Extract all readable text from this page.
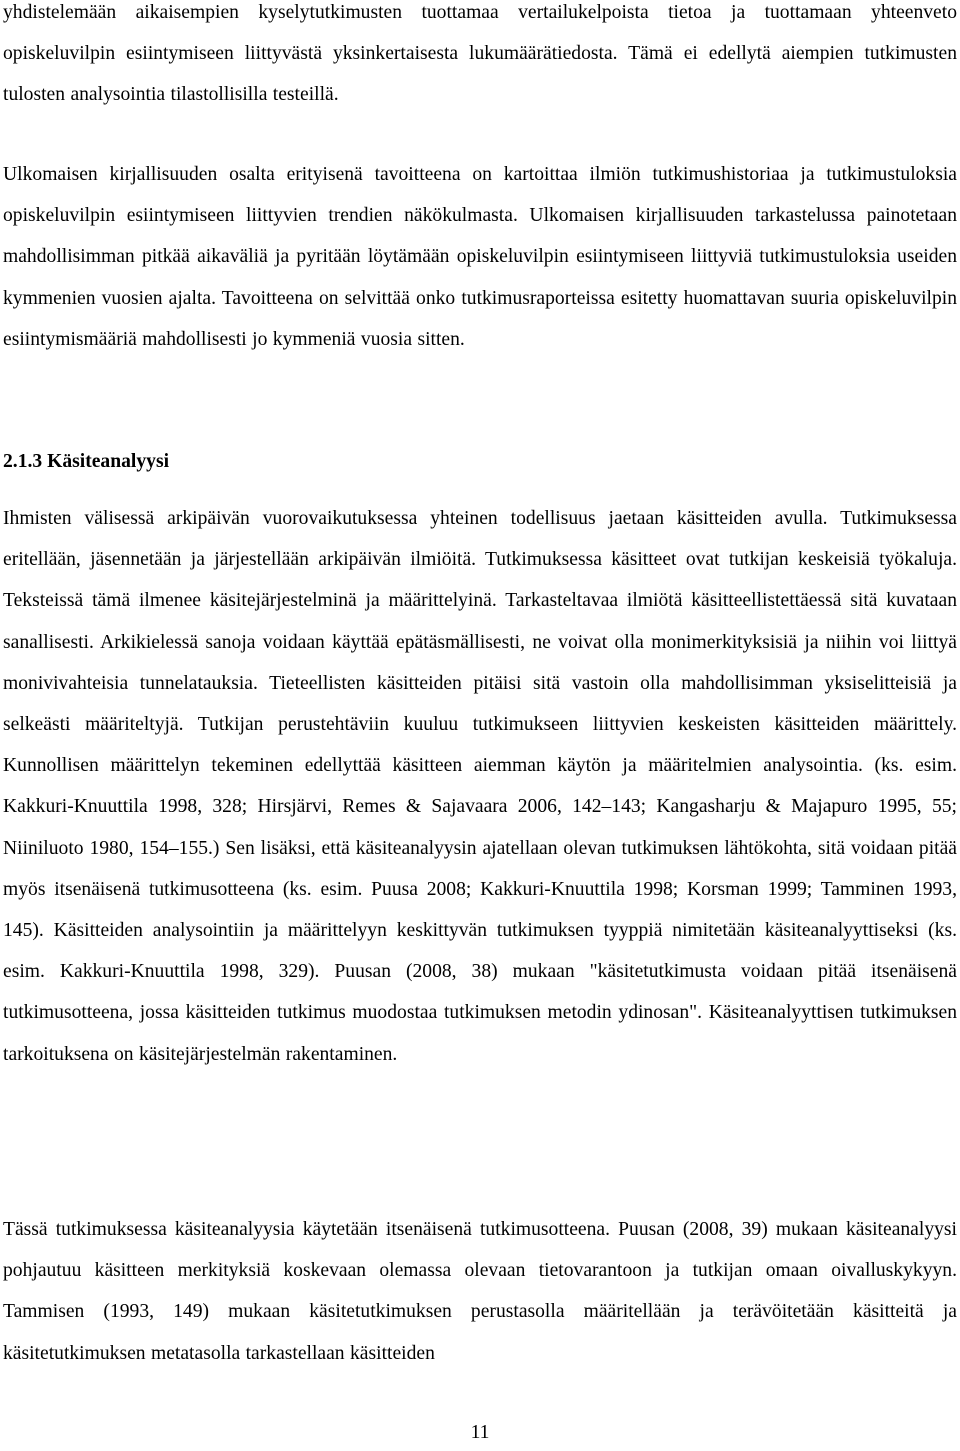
yhdistelemään aikaisempien kyselytutkimusten tuottamaa vertailukelpoista tietoa ja tuottamaan yhteenveto opiskeluvilpin esiintymiseen liittyvästä yksinkertaisesta lukumäärätiedosta. Tämä ei edellytä aiempien tutkimusten tulosten analysointia tilastollisilla testeillä.

Ulkomaisen kirjallisuuden osalta erityisenä tavoitteena on kartoittaa ilmiön tutkimushistoriaa ja tutkimustuloksia opiskeluvilpin esiintymiseen liittyvien trendien näkökulmasta. Ulkomaisen kirjallisuuden tarkastelussa painotetaan mahdollisimman pitkää aikaväliä ja pyritään löytämään opiskeluvilpin esiintymiseen liittyviä tutkimustuloksia useiden kymmenien vuosien ajalta. Tavoitteena on selvittää onko tutkimusraporteissa esitetty huomattavan suuria opiskeluvilpin esiintymismääriä mahdollisesti jo kymmeniä vuosia sitten.

2.1.3 Käsiteanalyysi

Ihmisten välisessä arkipäivän vuorovaikutuksessa yhteinen todellisuus jaetaan käsitteiden avulla. Tutkimuksessa eritellään, jäsennetään ja järjestellään arkipäivän ilmiöitä. Tutkimuksessa käsitteet ovat tutkijan keskeisiä työkaluja. Teksteissä tämä ilmenee käsitejärjestelminä ja määrittelyinä. Tarkasteltavaa ilmiötä käsitteellistettäessä sitä kuvataan sanallisesti. Arkikielessä sanoja voidaan käyttää epätäsmällisesti, ne voivat olla monimerkityksisiä ja niihin voi liittyä monivivahteisia tunnelatauksia. Tieteellisten käsitteiden pitäisi sitä vastoin olla mahdollisimman yksiselitteisiä ja selkeästi määriteltyjä. Tutkijan perustehtäviin kuuluu tutkimukseen liittyvien keskeisten käsitteiden määrittely. Kunnollisen määrittelyn tekeminen edellyttää käsitteen aiemman käytön ja määritelmien analysointia. (ks. esim. Kakkuri-Knuuttila 1998, 328; Hirsjärvi, Remes & Sajavaara 2006, 142–143; Kangasharju & Majapuro 1995, 55; Niiniluoto 1980, 154–155.) Sen lisäksi, että käsiteanalyysin ajatellaan olevan tutkimuksen lähtökohta, sitä voidaan pitää myös itsenäisenä tutkimusotteena (ks. esim. Puusa 2008; Kakkuri-Knuuttila 1998; Korsman 1999; Tamminen 1993, 145). Käsitteiden analysointiin ja määrittelyyn keskittyvän tutkimuksen tyyppiä nimitetään käsiteanalyyttiseksi (ks. esim. Kakkuri-Knuuttila 1998, 329). Puusan (2008, 38) mukaan "käsitetutkimusta voidaan pitää itsenäisenä tutkimusotteena, jossa käsitteiden tutkimus muodostaa tutkimuksen metodin ydinosan". Käsiteanalyyttisen tutkimuksen tarkoituksena on käsitejärjestelmän rakentaminen.

Tässä tutkimuksessa käsiteanalyysia käytetään itsenäisenä tutkimusotteena. Puusan (2008, 39) mukaan käsiteanalyysi pohjautuu käsitteen merkityksiä koskevaan olemassa olevaan tietovarantoon ja tutkijan omaan oivalluskykyyn. Tammisen (1993, 149) mukaan käsitetutkimuksen perustasolla määritellään ja terävöitetään käsitteitä ja käsitetutkimuksen metatasolla tarkastellaan käsitteiden

11
